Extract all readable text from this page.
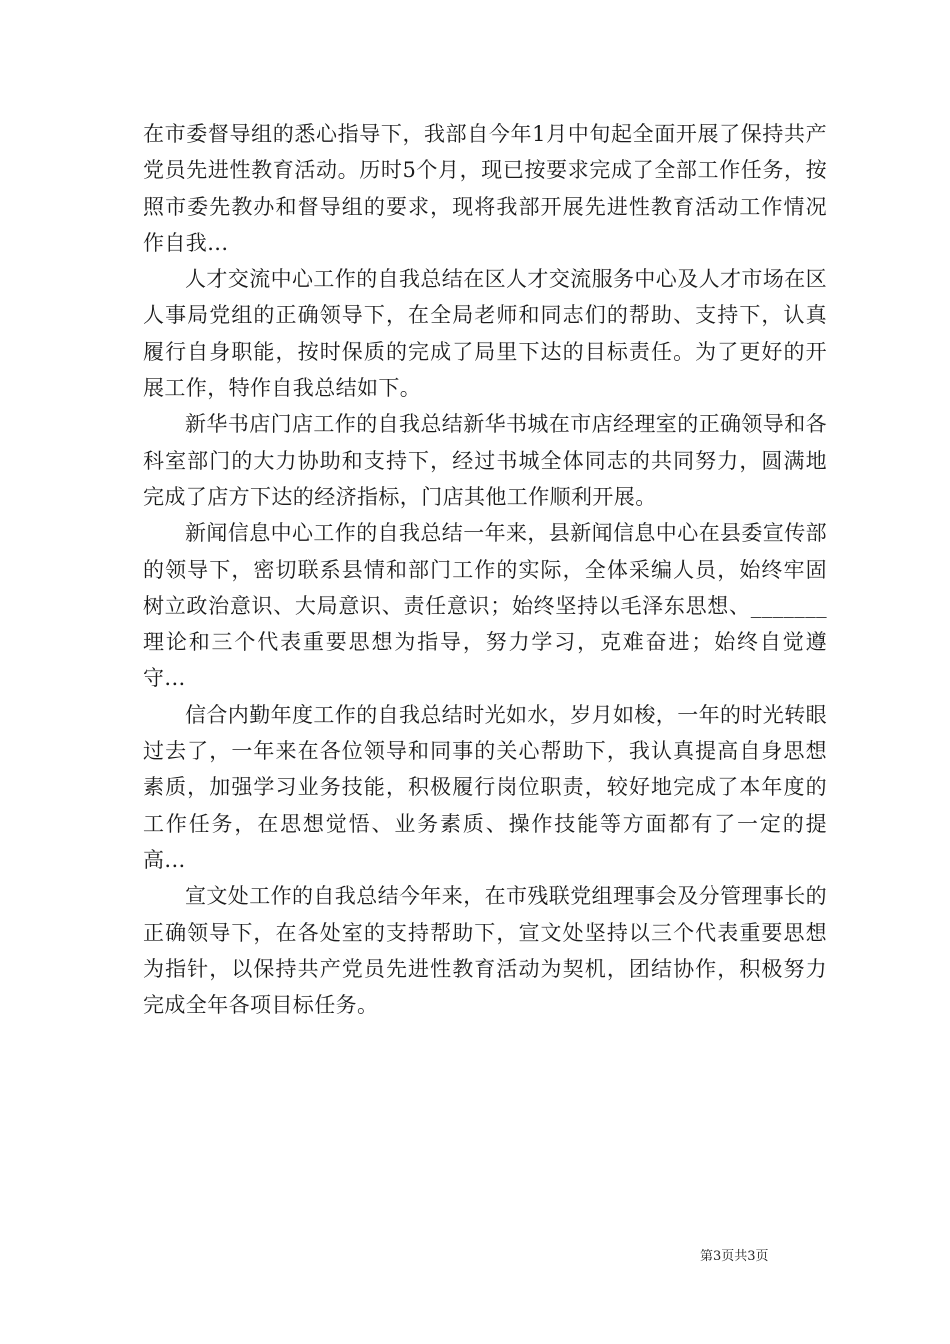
在市委督导组的悉心指导下，我部自今年1月中旬起全面开展了保持共产党员先进性教育活动。历时5个月，现已按要求完成了全部工作任务，按照市委先教办和督导组的要求，现将我部开展先进性教育活动工作情况作自我...

人才交流中心工作的自我总结在区人才交流服务中心及人才市场在区人事局党组的正确领导下，在全局老师和同志们的帮助、支持下，认真履行自身职能，按时保质的完成了局里下达的目标责任。为了更好的开展工作，特作自我总结如下。

新华书店门店工作的自我总结新华书城在市店经理室的正确领导和各科室部门的大力协助和支持下，经过书城全体同志的共同努力，圆满地完成了店方下达的经济指标，门店其他工作顺利开展。

新闻信息中心工作的自我总结一年来，县新闻信息中心在县委宣传部的领导下，密切联系县情和部门工作的实际，全体采编人员，始终牢固树立政治意识、大局意识、责任意识；始终坚持以毛泽东思想、_______理论和三个代表重要思想为指导，努力学习，克难奋进；始终自觉遵守...

信合内勤年度工作的自我总结时光如水，岁月如梭，一年的时光转眼过去了，一年来在各位领导和同事的关心帮助下，我认真提高自身思想素质，加强学习业务技能，积极履行岗位职责，较好地完成了本年度的工作任务，在思想觉悟、业务素质、操作技能等方面都有了一定的提高...

宣文处工作的自我总结今年来，在市残联党组理事会及分管理事长的正确领导下，在各处室的支持帮助下，宣文处坚持以三个代表重要思想为指针，以保持共产党员先进性教育活动为契机，团结协作，积极努力完成全年各项目标任务。

第3页共3页
